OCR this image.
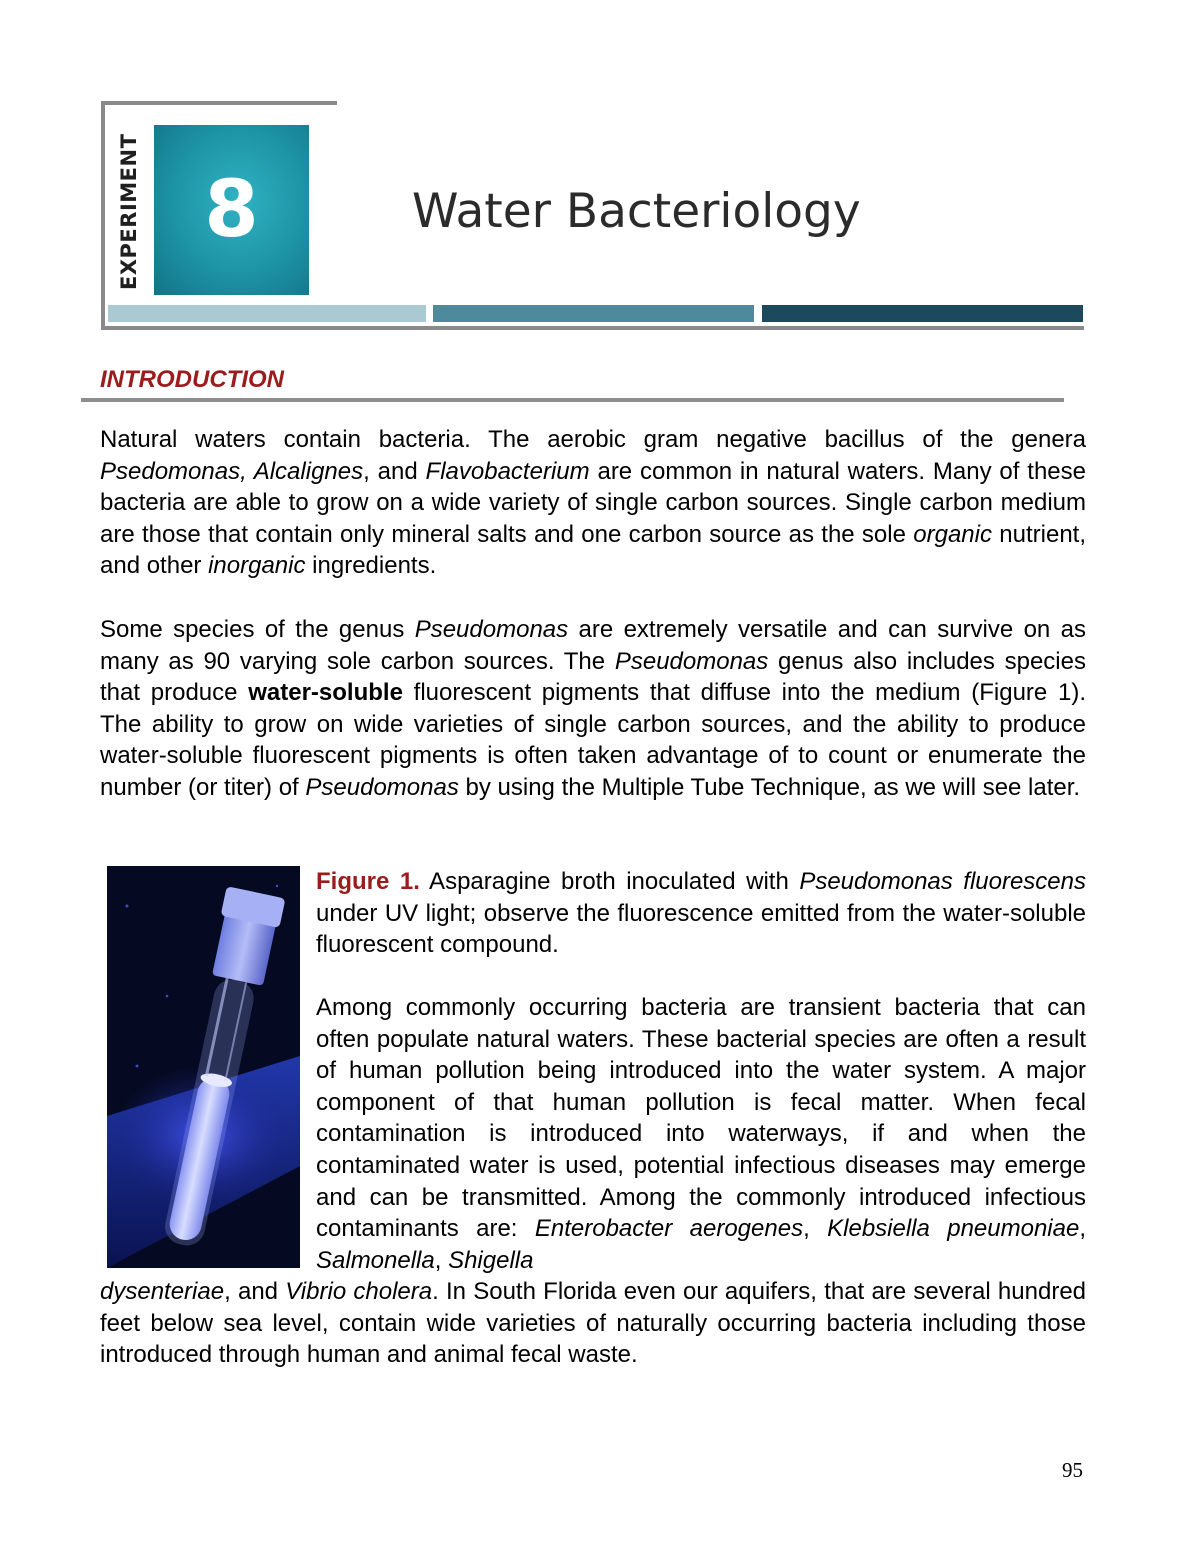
EXPERIMENT 8	Water Bacteriology
INTRODUCTION

Natural waters contain bacteria. The aerobic gram negative bacillus of the genera Psedomonas, Alcalignes, and Flavobacterium are common in natural waters. Many of these bacteria are able to grow on a wide variety of single carbon sources. Single carbon medium are those that contain only mineral salts and one carbon source as the sole organic nutrient, and other inorganic ingredients.

Some species of the genus Pseudomonas are extremely versatile and can survive on as many as 90 varying sole carbon sources. The Pseudomonas genus also includes species that produce water-soluble fluorescent pigments that diffuse into the medium (Figure 1). The ability to grow on wide varieties of single carbon sources, and the ability to produce water-soluble fluorescent pigments is often taken advantage of to count or enumerate the number (or titer) of Pseudomonas by using the Multiple Tube Technique, as we will see later.

Figure 1. Asparagine broth inoculated with Pseudomonas fluorescens under UV light; observe the fluorescence emitted from the water-soluble fluorescent compound.

Among commonly occurring bacteria are transient bacteria that can often populate natural waters. These bacterial species are often a result of human pollution being introduced into the water system. A major component of that human pollution is fecal matter. When fecal contamination is introduced into waterways, if and when the contaminated water is used, potential infectious diseases may emerge and can be transmitted. Among the commonly introduced infectious contaminants are: Enterobacter aerogenes, Klebsiella pneumoniae, Salmonella, Shigella

dysenteriae, and Vibrio cholera. In South Florida even our aquifers, that are several hundred feet below sea level, contain wide varieties of naturally occurring bacteria including those introduced through human and animal fecal waste.

95
